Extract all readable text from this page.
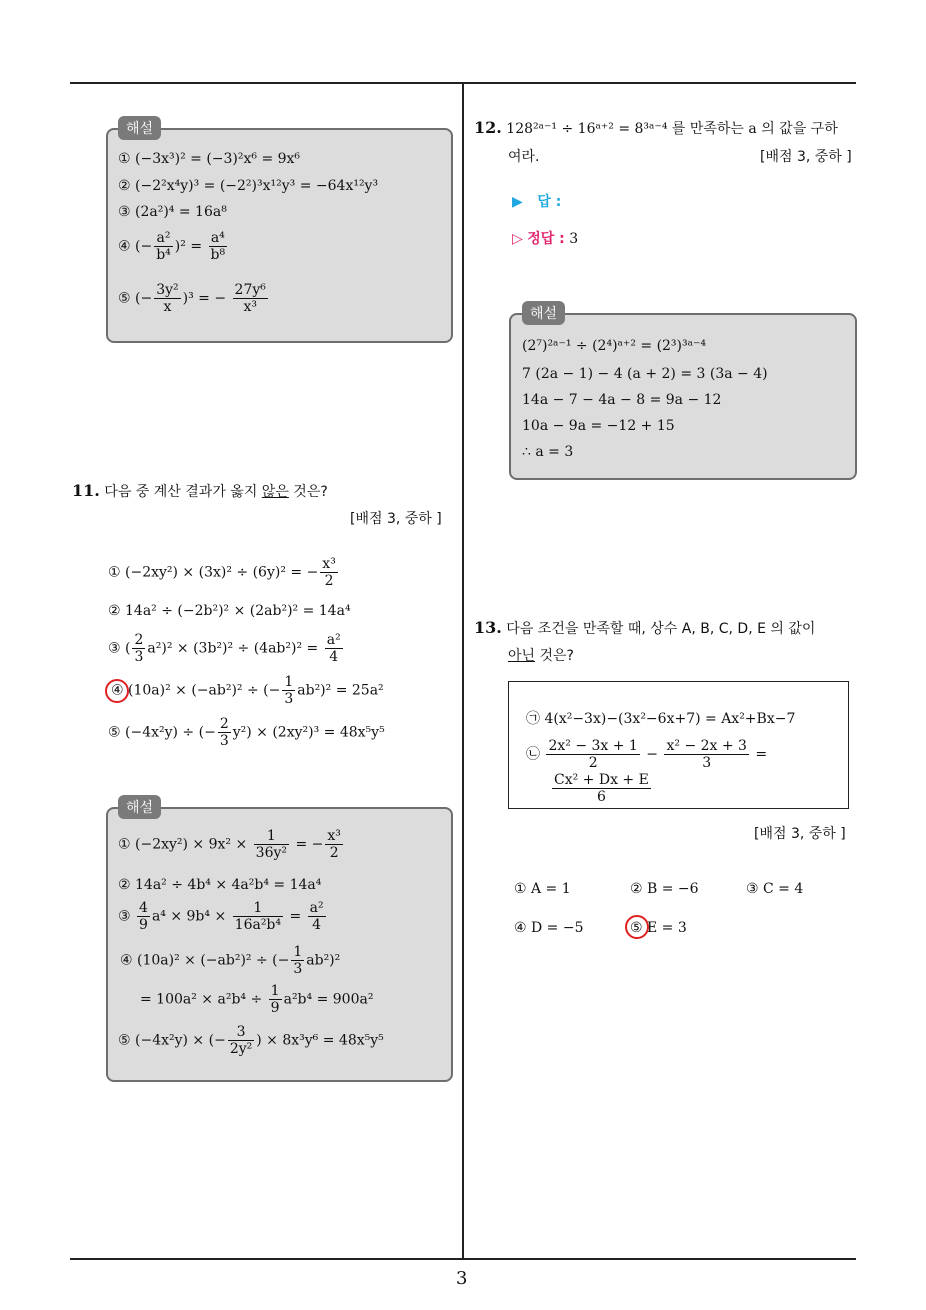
3
해설
① (−3x³)² = (−3)²x⁶ = 9x⁶
② (−2²x⁴y)³ = (−2²)³x¹²y³ = −64x¹²y³
③ (2a²)⁴ = 16a⁸
④ (− $\frac{\text{a²}}{\text{b⁴}} )^2 = \frac{\text{a⁴}}{\text{b⁸}}$
⑤ (− $\frac{\text{3y²}}{x} )^3$ = − $\frac{\text{27y⁶}}{\text{x³}}$
11. 다음 중 계산 결과가 옳지 않은 것은?
[배점 3, 중하 ]
① (−2xy²) × (3x)² ÷ (6y)² = − $\frac{\text{x³}}{2}$
② 14a² ÷ (−2b²)² × (2ab²)² = 14a⁴
③ ( $\frac{2}{3} a^2)^2 \times (3b^2)^2 \div (4ab^2)^2 = \frac{\text{a²}}{4}$
④ (10a)² × (−ab²)² ÷ (− $\frac{1}{3} ab^2)^2 = 25a^2$
⑤ (−4x²y) ÷ (− $\frac{2}{3} y^2) \times (2xy^2)^3 = 48x^5y^5$
해설
① $(-2xy^2) \times 9x^2 \times \frac{1}{\text{36y²}}$ = − $\frac{\text{x³}}{2}$
② 14a² ÷ 4b⁴ × 4a²b⁴ = 14a⁴
③ $\frac{4}{9} a^4 \times 9b^4 \times \frac{1}{\text{16a²b⁴}} = \frac{\text{a²}}{4}$
④ (10a)² × (−ab²)² ÷ (− $\frac{1}{3} ab^2)^2$
= $100a^2 \times a^2b^4 \div \frac{1}{9} a^2b^4 = 900a^2$
⑤ (−4x²y) × (− $\frac{3}{\text{2y²}}$ ) × 8x³y⁶ = 48x⁵y⁵
12. 128²ᵃ⁻¹ ÷ 16ᵃ⁺² = 8³ᵃ⁻⁴ 를 만족하는 a 의 값을 구하
여라.	[배점 3, 중하 ]
▶ 답 :
▷ 정답 : 3
해설
(2⁷)²ᵃ⁻¹ ÷ (2⁴)ᵃ⁺² = (2³)³ᵃ⁻⁴
7 (2a − 1) − 4 (a + 2) = 3 (3a − 4)
14a − 7 − 4a − 8 = 9a − 12
10a − 9a = −12 + 15
∴ a = 3
13. 다음 조건을 만족할 때, 상수 A, B, C, D, E 의 값이
아닌 것은?
㉠ 4(x²−3x)−(3x²−6x+7) = Ax²+Bx−7
㉡ $\frac{\text{2x² − 3x + 1}}{2} - \frac{\text{x² − 2x + 3}}{3}$ =
$\frac{\text{Cx² + Dx + E}}{6}$
[배점 3, 중하 ]
① A = 1	② B = −6	③ C = 4
④ D = −5	⑤ E = 3
